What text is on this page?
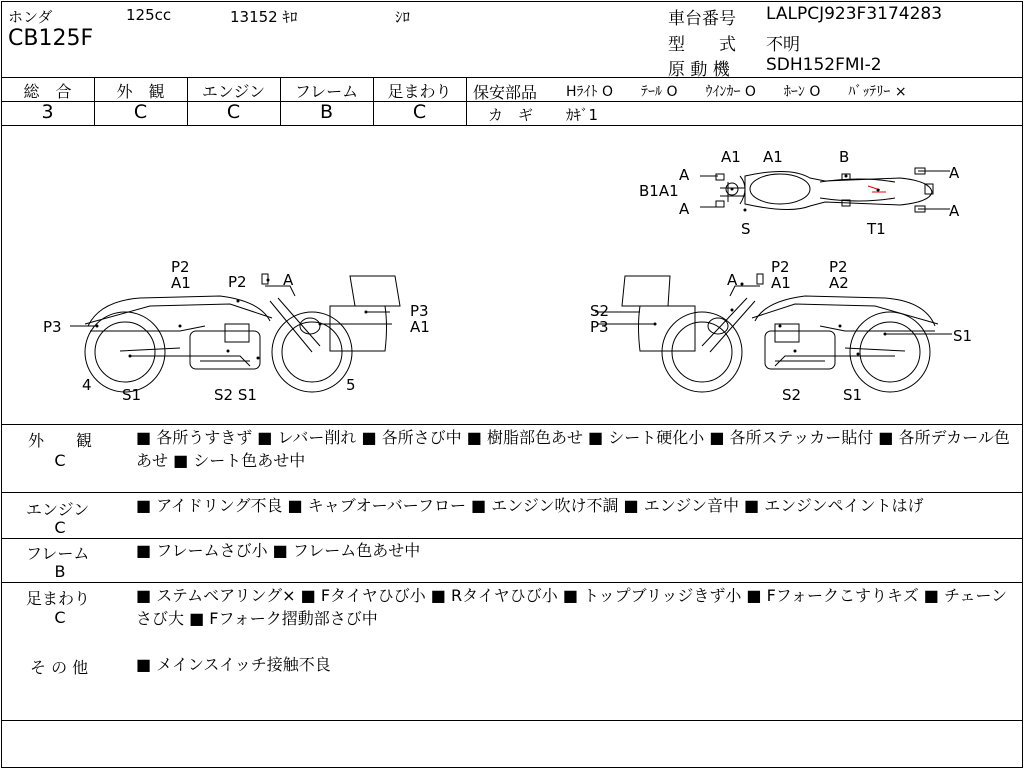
ホンダ	125cc	13152 ｷﾛ	ｼﾛ
CB125F
車台番号 LALPCJ923F3174283
型　　式 不明
原 動 機 SDH152FMI-2
総　合	外　観	エンジン	フレーム	足まわり
3	C	C	B	C
保安部品 Hﾗｲﾄ O　　ﾃｰﾙ O　　ｳｲﾝｶｰ O　　ﾎｰﾝ O　　ﾊﾞｯﾃﾘｰ ×
カ　ギ ｶｷﾞ1
A1 A1	B
A	A
B1A1
A	A
S	T1
P2
A1 P2 A
P3
P3
A1
4
S1	S2 S1
5
A
P2
A1
P2
A2
S2
P3	S1
S2	S1
外　　観
C
■ 各所うすきず ■ レバー削れ ■ 各所さび中 ■ 樹脂部色あせ ■ シート硬化小 ■ 各所ステッカー貼付 ■ 各所デカール色あせ ■ シート色あせ中
エンジン
C
■ アイドリング不良 ■ キャブオーバーフロー ■ エンジン吹け不調 ■ エンジン音中 ■ エンジンペイントはげ
フレーム
B
■ フレームさび小 ■ フレーム色あせ中
足まわり
C
■ ステムベアリング× ■ Fタイヤひび小 ■ Rタイヤひび小 ■ トップブリッジきず小 ■ Fフォークこすりキズ ■ チェーンさび大 ■ Fフォーク摺動部さび中
そ の 他	■ メインスイッチ接触不良
